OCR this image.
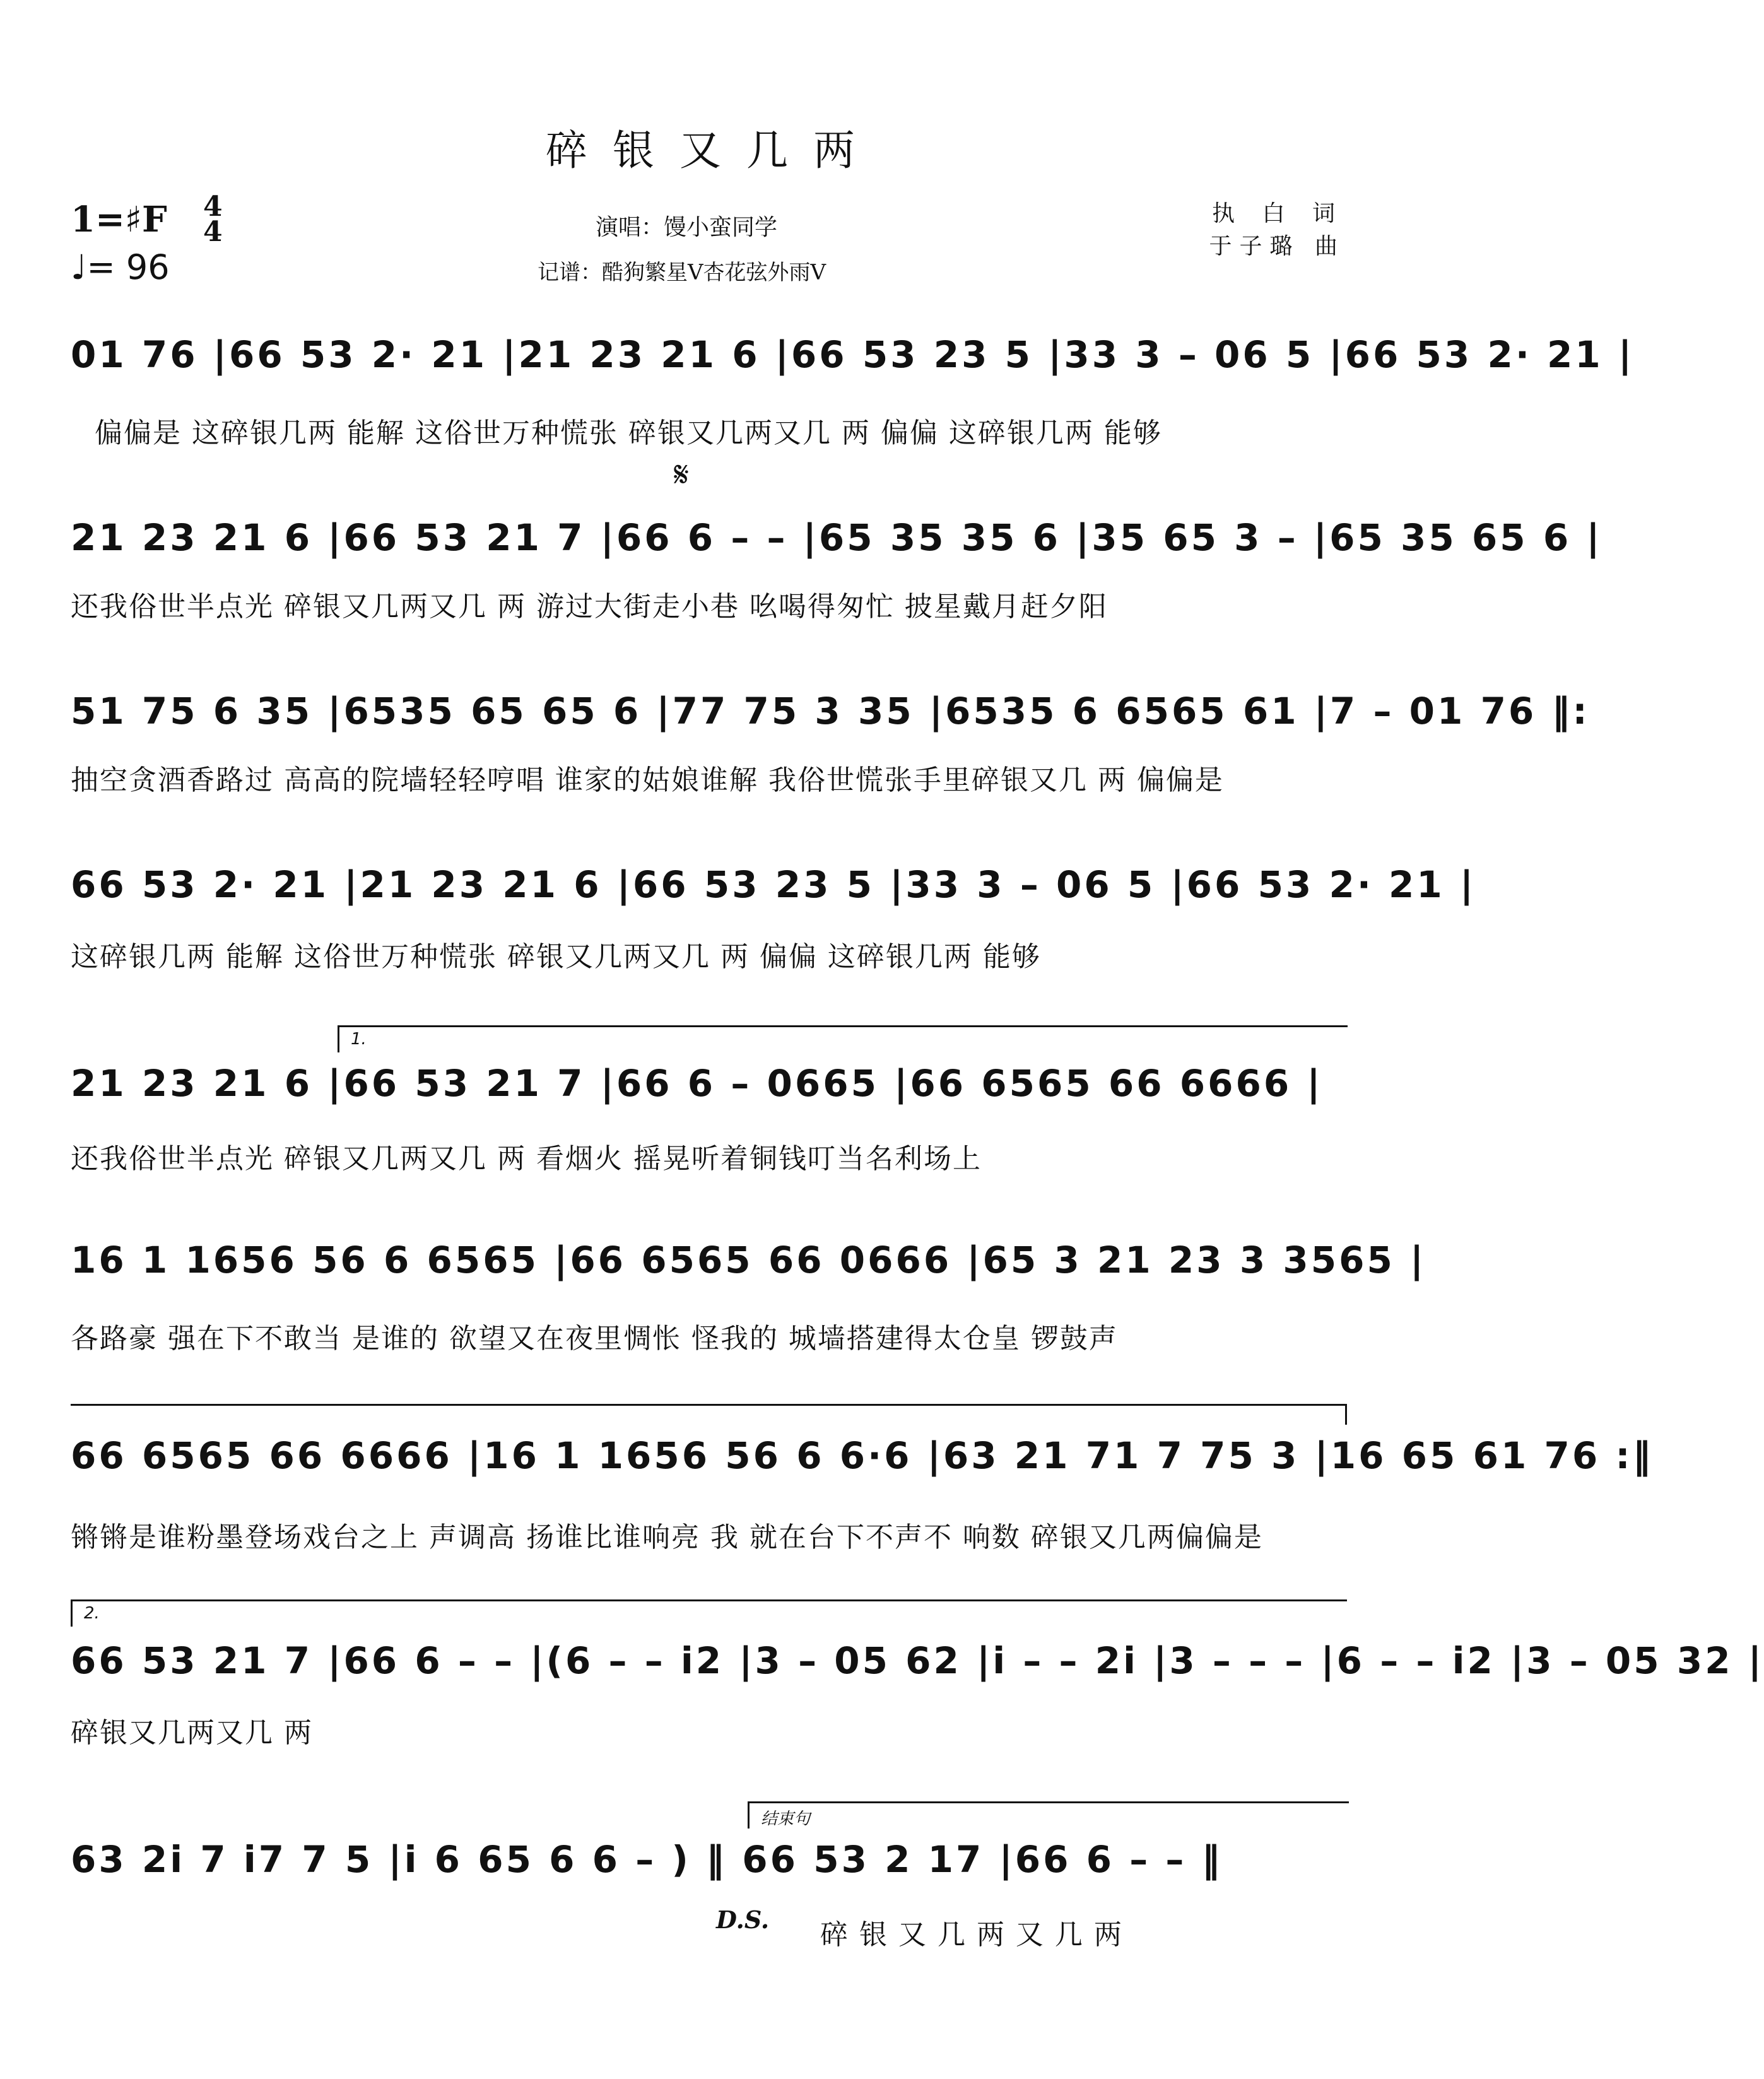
碎银又几两
1=♯F 4
4
♩= 96
演唱：馒小蛮同学
记谱：酷狗繁星V杏花弦外雨V
执 白 词
于子璐 曲
01 76 |66 53 2· 21 |21 23 21 6 |66 53 23 5 |33 3 – 06 5 |66 53 2· 21 |
偏偏是 这碎银几两 能解 这俗世万种慌张 碎银又几两又几 两 偏偏 这碎银几两 能够
𝄋
21 23 21 6 |66 53 21 7 |66 6 – – |65 35 35 6 |35 65 3 – |65 35 65 6 |
还我俗世半点光 碎银又几两又几 两 游过大街走小巷 吆喝得匆忙 披星戴月赶夕阳
51 75 6 35 |6535 65 65 6 |77 75 3 35 |6535 6 6565 61 |7 – 01 76 ‖:
抽空贪酒香路过 高高的院墙轻轻哼唱 谁家的姑娘谁解 我俗世慌张手里碎银又几 两 偏偏是
66 53 2· 21 |21 23 21 6 |66 53 23 5 |33 3 – 06 5 |66 53 2· 21 |
这碎银几两 能解 这俗世万种慌张 碎银又几两又几 两 偏偏 这碎银几两 能够
1.
21 23 21 6 |66 53 21 7 |66 6 – 0665 |66 6565 66 6666 |
还我俗世半点光 碎银又几两又几 两 看烟火 摇晃听着铜钱叮当名利场上
16 1 1656 56 6 6565 |66 6565 66 0666 |65 3 21 23 3 3565 |
各路豪 强在下不敢当 是谁的 欲望又在夜里惆怅 怪我的 城墙搭建得太仓皇 锣鼓声
66 6565 66 6666 |16 1 1656 56 6 6·6 |63 21 71 7 75 3 |16 65 61 76 :‖
锵锵是谁粉墨登场戏台之上 声调高 扬谁比谁响亮 我 就在台下不声不 响数 碎银又几两偏偏是
2.
66 53 21 7 |66 6 – – |(6 – – i2 |3 – 05 62 |i – – 2i |3 – – – |6 – – i2 |3 – 05 32 |
碎银又几两又几 两
结束句
63 2i 7 i7 7 5 |i 6 65 6 6 – ) ‖ 66 53 2 17 |66 6 – – ‖
D.S. 碎 银 又 几 两 又 几 两
